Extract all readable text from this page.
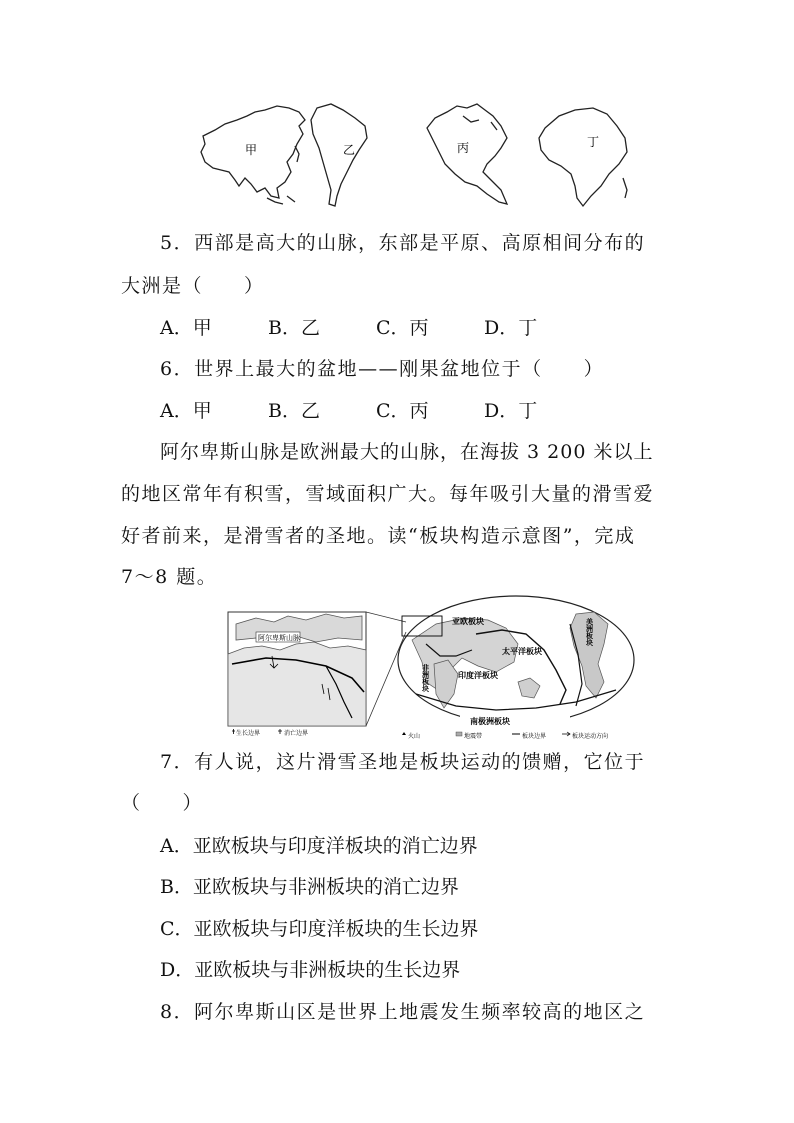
甲	乙	丙	丁
5．西部是高大的山脉，东部是平原、高原相间分布的
大洲是（　　）
A．甲	B．乙	C．丙	D．丁
6．世界上最大的盆地——刚果盆地位于（　　）
A．甲	B．乙	C．丙	D．丁
阿尔卑斯山脉是欧洲最大的山脉，在海拔 3 200 米以上
的地区常年有积雪，雪域面积广大。每年吸引大量的滑雪爱
好者前来，是滑雪者的圣地。读“板块构造示意图”，完成
7～8 题。
阿尔卑斯山脉
生长边界	消亡边界
亚欧板块
非洲板块	印度洋板块
太平洋板块
美洲板块
南极洲板块
火山	地震带	板块边界	板块运动方向
7．有人说，这片滑雪圣地是板块运动的馈赠，它位于
（　　）
A．亚欧板块与印度洋板块的消亡边界
B．亚欧板块与非洲板块的消亡边界
C．亚欧板块与印度洋板块的生长边界
D．亚欧板块与非洲板块的生长边界
8．阿尔卑斯山区是世界上地震发生频率较高的地区之
